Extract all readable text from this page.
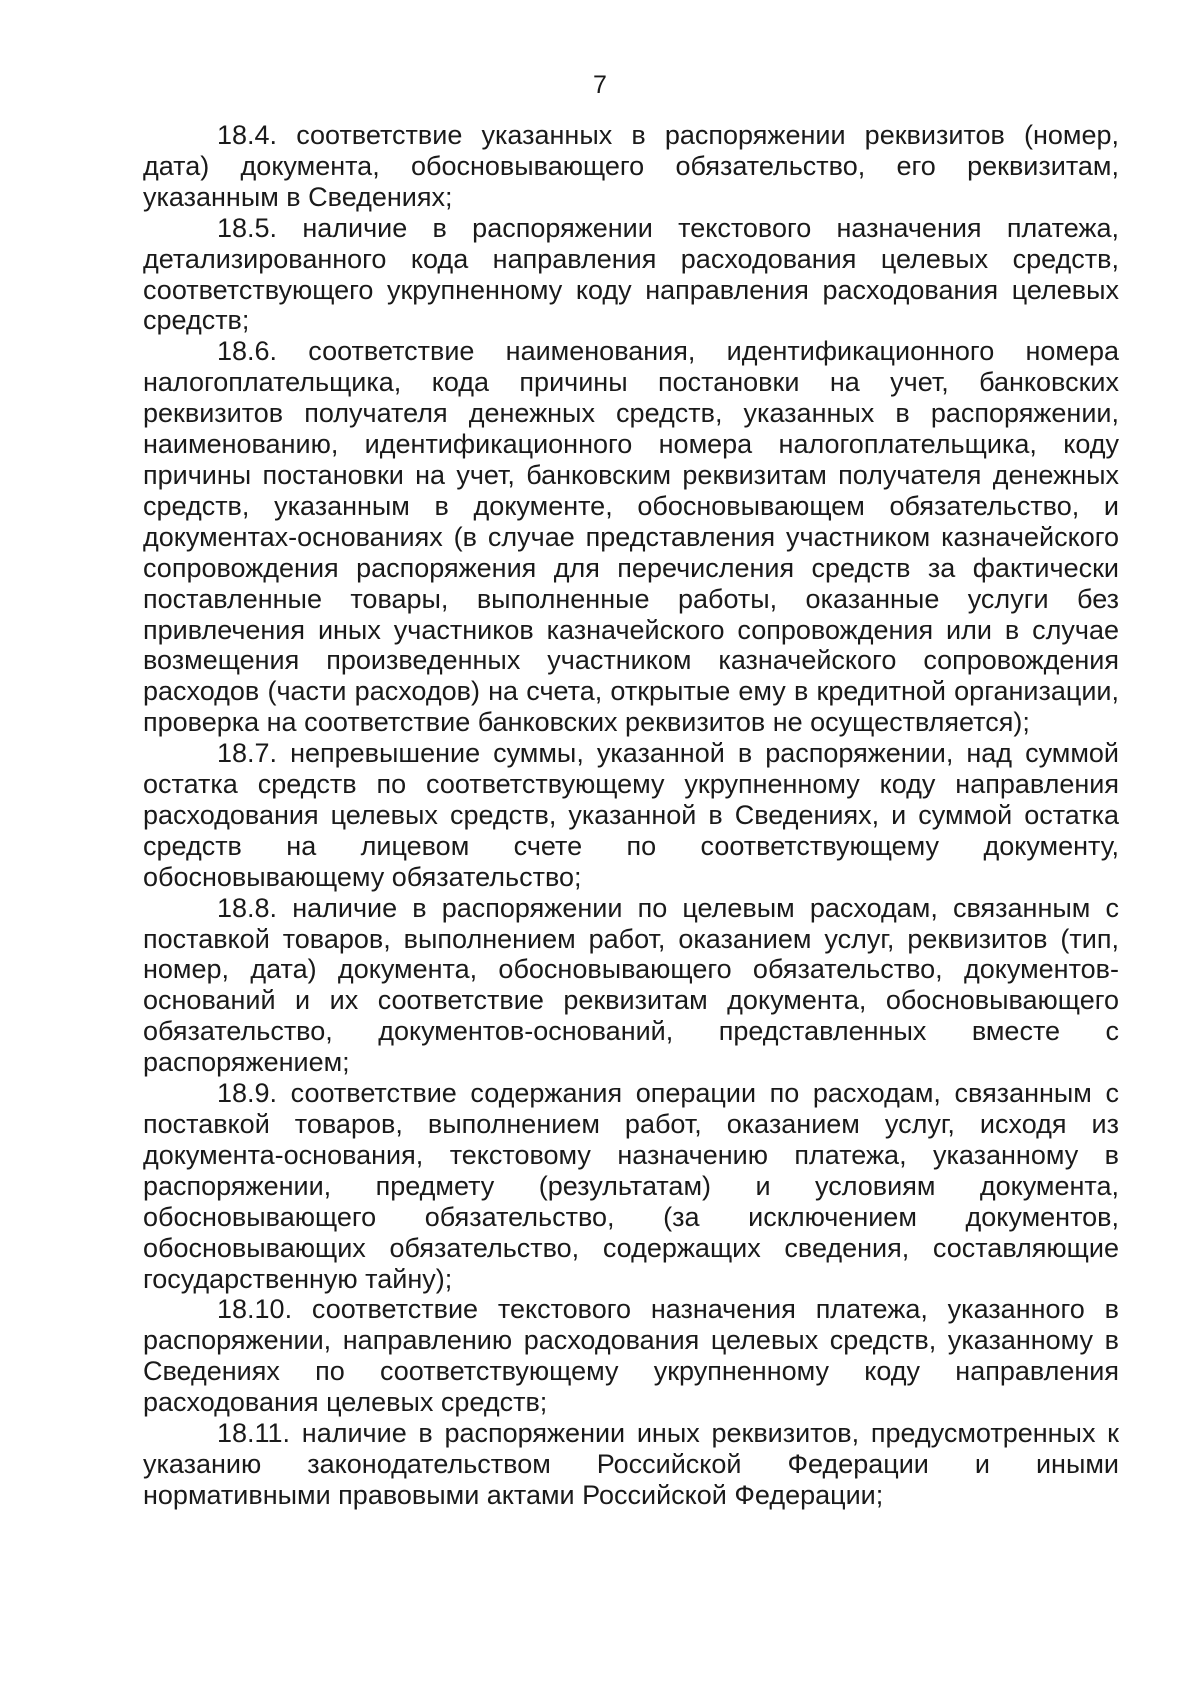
7

18.4. соответствие указанных в распоряжении реквизитов (номер, дата) документа, обосновывающего обязательство, его реквизитам, указанным в Сведениях;

18.5. наличие в распоряжении текстового назначения платежа, детализированного кода направления расходования целевых средств, соответствующего укрупненному коду направления расходования целевых средств;

18.6. соответствие наименования, идентификационного номера налогоплательщика, кода причины постановки на учет, банковских реквизитов получателя денежных средств, указанных в распоряжении, наименованию, идентификационного номера налогоплательщика, коду причины постановки на учет, банковским реквизитам получателя денежных средств, указанным в документе, обосновывающем обязательство, и документах-основаниях (в случае представления участником казначейского сопровождения распоряжения для перечисления средств за фактически поставленные товары, выполненные работы, оказанные услуги без привлечения иных участников казначейского сопровождения или в случае возмещения произведенных участником казначейского сопровождения расходов (части расходов) на счета, открытые ему в кредитной организации, проверка на соответствие банковских реквизитов не осуществляется);

18.7. непревышение суммы, указанной в распоряжении, над суммой остатка средств по соответствующему укрупненному коду направления расходования целевых средств, указанной в Сведениях, и суммой остатка средств на лицевом счете по соответствующему документу, обосновывающему обязательство;

18.8. наличие в распоряжении по целевым расходам, связанным с поставкой товаров, выполнением работ, оказанием услуг, реквизитов (тип, номер, дата) документа, обосновывающего обязательство, документов-оснований и их соответствие реквизитам документа, обосновывающего обязательство, документов-оснований, представленных вместе с распоряжением;

18.9. соответствие содержания операции по расходам, связанным с поставкой товаров, выполнением работ, оказанием услуг, исходя из документа-основания, текстовому назначению платежа, указанному в распоряжении, предмету (результатам) и условиям документа, обосновывающего обязательство, (за исключением документов, обосновывающих обязательство, содержащих сведения, составляющие государственную тайну);

18.10. соответствие текстового назначения платежа, указанного в распоряжении, направлению расходования целевых средств, указанному в Сведениях по соответствующему укрупненному коду направления расходования целевых средств;

18.11. наличие в распоряжении иных реквизитов, предусмотренных к указанию законодательством Российской Федерации и иными нормативными правовыми актами Российской Федерации;
